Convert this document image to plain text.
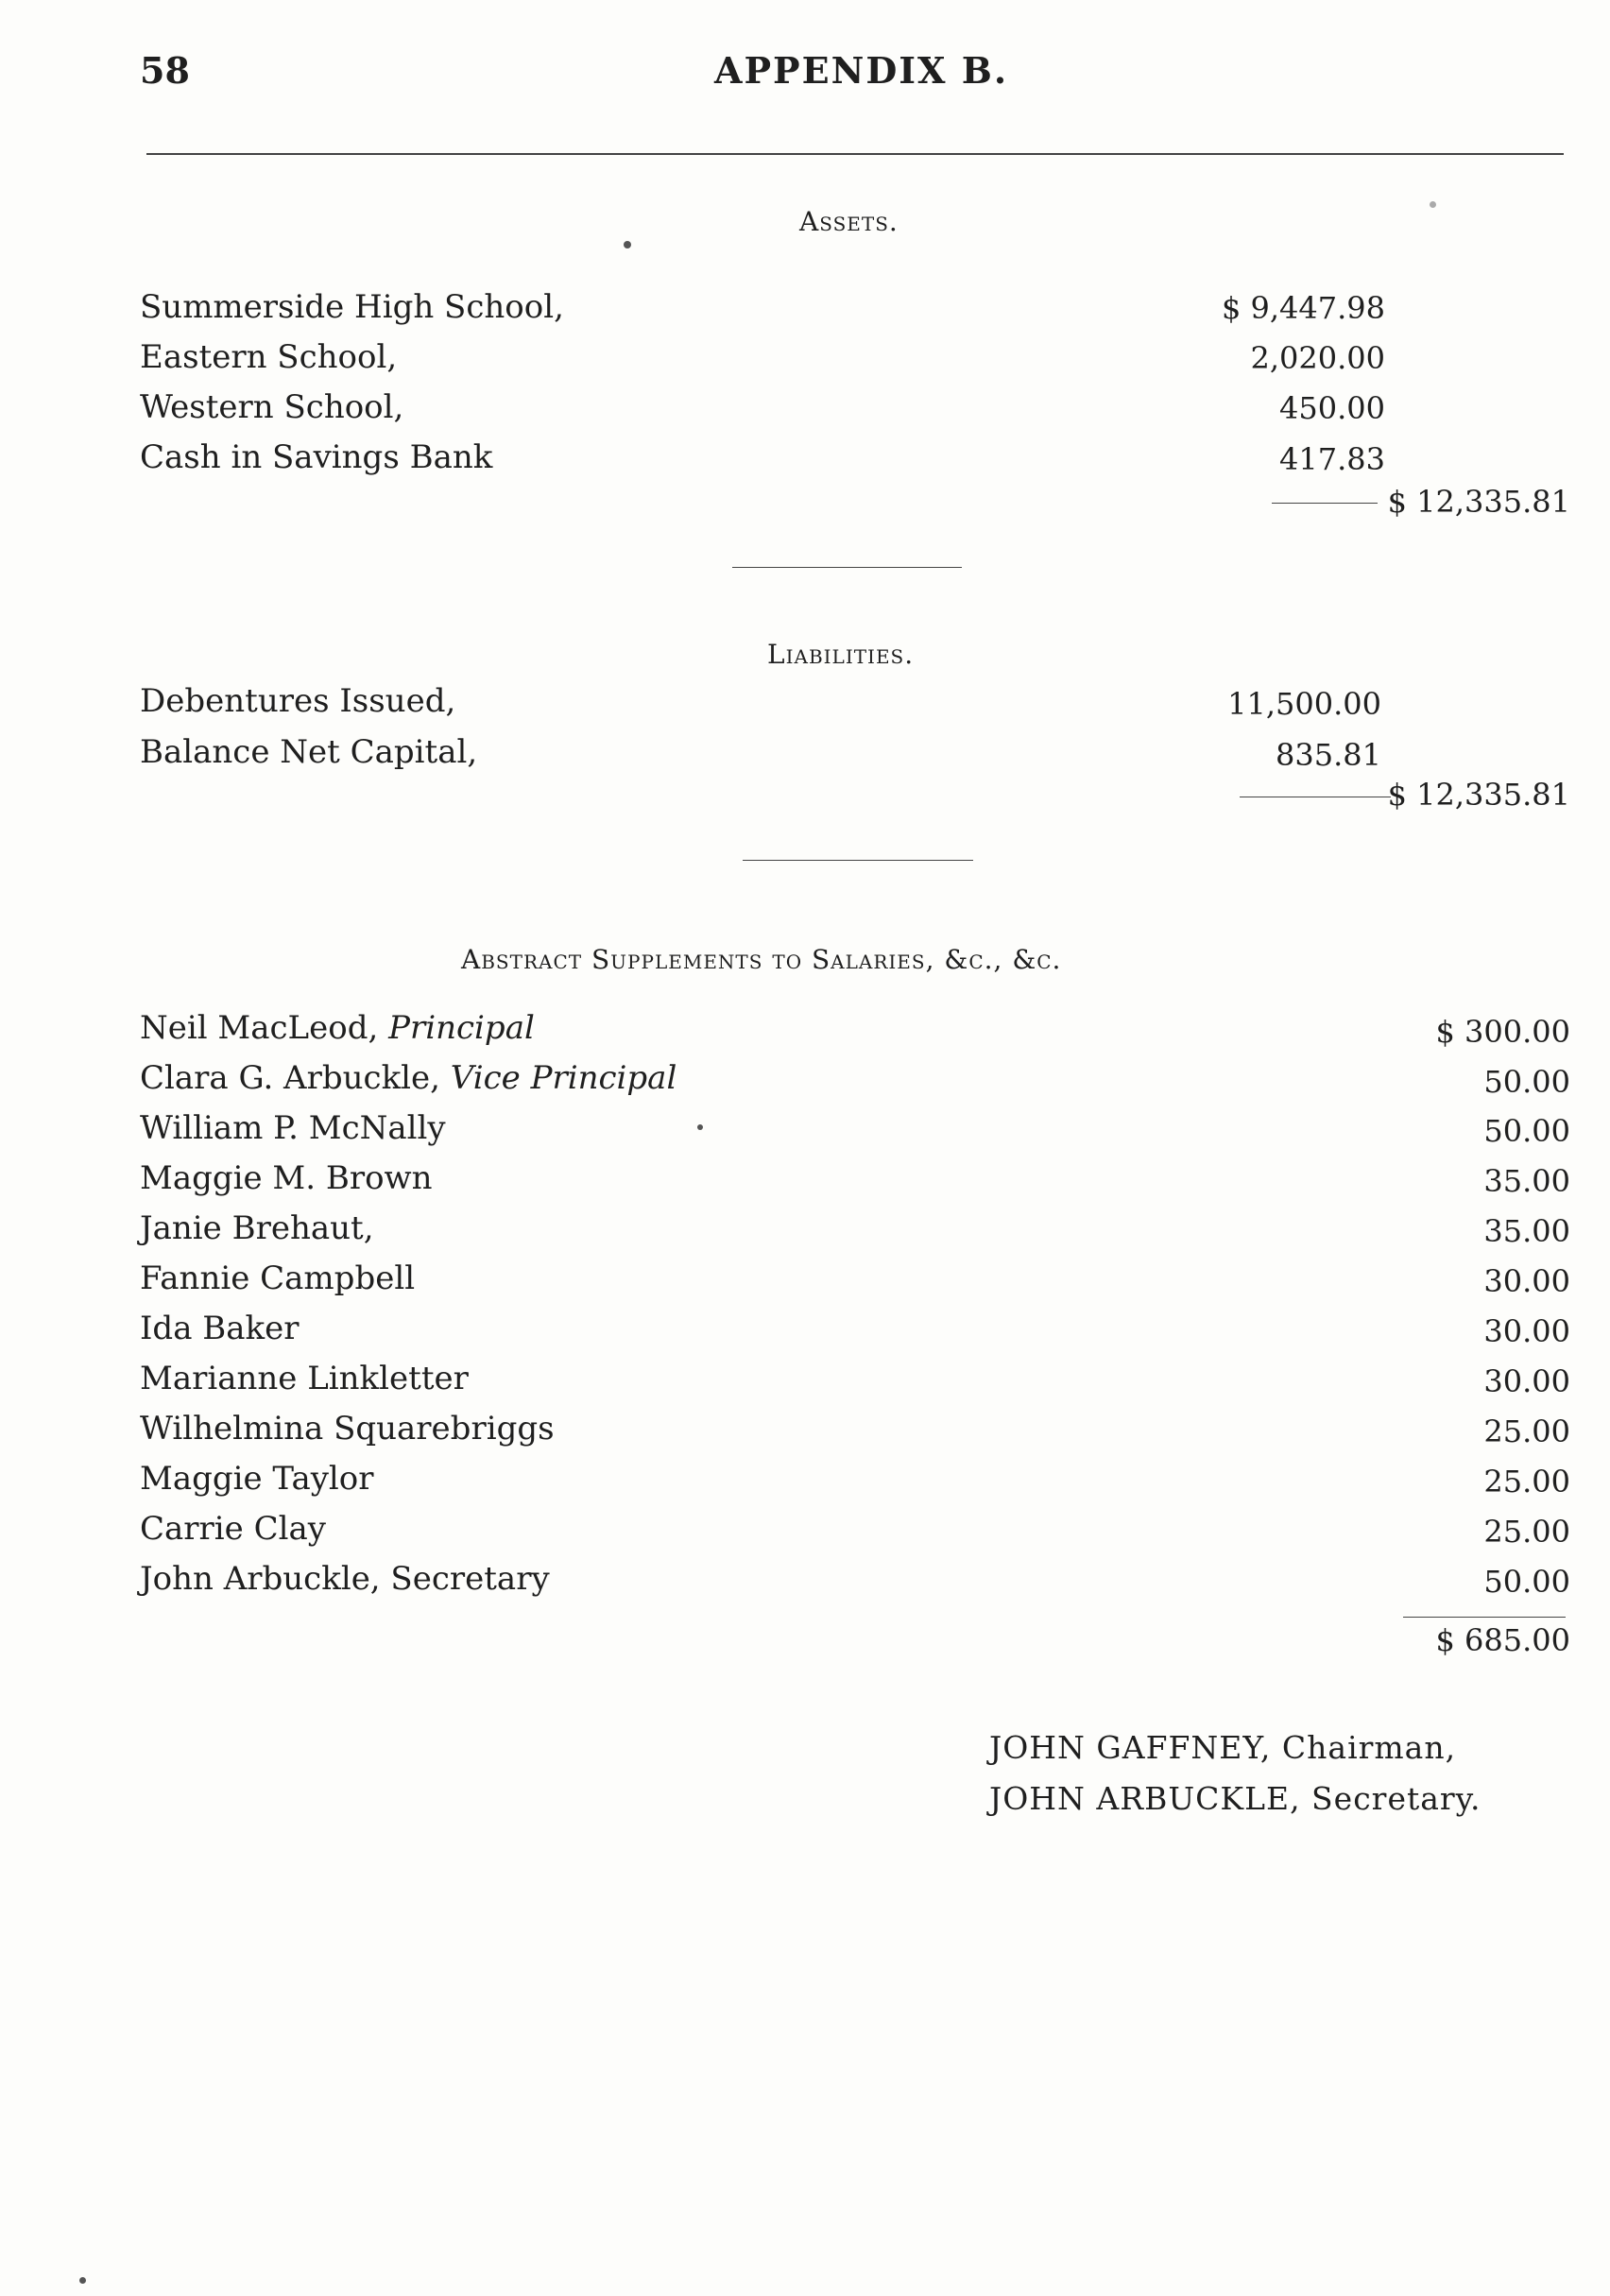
58	APPENDIX B.
Assets.
Summerside High School,	$ 9,447.98
Eastern School,	2,020.00
Western School,	450.00
Cash in Savings Bank	417.83
$ 12,335.81
Liabilities.
Debentures Issued,	11,500.00
Balance Net Capital,	835.81
$ 12,335.81
Abstract Supplements to Salaries, &c., &c.
Neil MacLeod, Principal	$ 300.00
Clara G. Arbuckle, Vice Principal	50.00
William P. McNally	50.00
Maggie M. Brown	35.00
Janie Brehaut,	35.00
Fannie Campbell	30.00
Ida Baker	30.00
Marianne Linkletter	30.00
Wilhelmina Squarebriggs	25.00
Maggie Taylor	25.00
Carrie Clay	25.00
John Arbuckle, Secretary	50.00
$ 685.00
JOHN GAFFNEY, Chairman,
JOHN ARBUCKLE, Secretary.
